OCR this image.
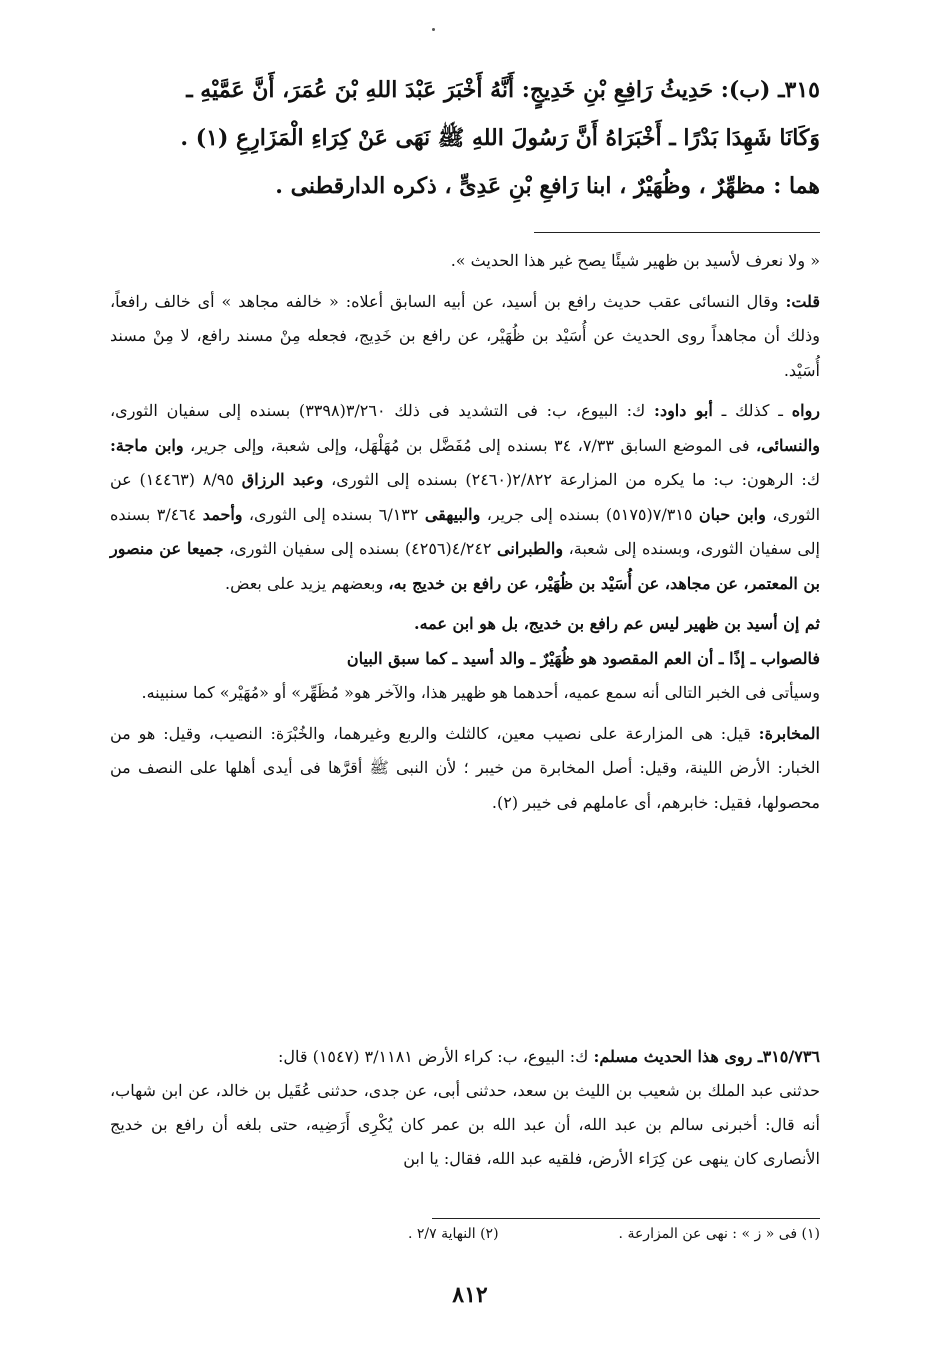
٣١٥ـ (ب): حَدِيثُ رَافِعِ بْنِ خَدِيجٍ: أَنَّهُ أَخْبَرَ عَبْدَ اللهِ بْنَ عُمَرَ، أَنَّ عَمَّيْهِ ـ

وَكَانَا شَهِدَا بَدْرًا ـ أَخْبَرَاهُ أَنَّ رَسُولَ اللهِ ﷺ نَهَى عَنْ كِرَاءِ الْمَزَارِعِ (١) .

هما : مظهِّرٌ ، وظُهَيْرٌ ، ابنا رَافعِ بْنِ عَدِىٍّ ، ذكره الدارقطنى .

« ولا نعرف لأسيد بن ظهير شيئًا يصح غير هذا الحديث ».

قلت: وقال النسائى عقب حديث رافع بن أسيد، عن أبيه السابق أعلاه: « خالفه مجاهد » أى خالف رافعاً، وذلك أن مجاهداً روى الحديث عن أُسَيْد بن ظُهَيْر، عن رافع بن خَدِيج، فجعله مِنْ مسند رافع، لا مِنْ مسند أُسَيْد.

رواه ـ كذلك ـ أبو داود: ك: البيوع، ب: فى التشديد فى ذلك ٣/٢٦٠(٣٣٩٨) بسنده إلى سفيان الثورى، والنسائى، فى الموضع السابق ٧/٣٣، ٣٤ بسنده إلى مُفَضَّل بن مُهَلْهَل، وإلى شعبة، وإلى جرير، وابن ماجة: ك: الرهون: ب: ما يكره من المزارعة ٢/٨٢٢(٢٤٦٠) بسنده إلى الثورى، وعبد الرزاق ٨/٩٥ (١٤٤٦٣) عن الثورى، وابن حبان ٧/٣١٥(٥١٧٥) بسنده إلى جرير، والبيهقى ٦/١٣٢ بسنده إلى الثورى، وأحمد ٣/٤٦٤ بسنده إلى سفيان الثورى، وبسنده إلى شعبة، والطبرانى ٤/٢٤٢(٤٢٥٦) بسنده إلى سفيان الثورى، جميعا عن منصور بن المعتمر، عن مجاهد، عن أُسَيْد بن ظُهَيْر، عن رافع بن خديج به، وبعضهم يزيد على بعض.

ثم إن أسيد بن ظهير ليس عم رافع بن خديج، بل هو ابن عمه.

فالصواب ـ إذًا ـ أن العم المقصود هو ظُهَيْرٌ ـ والد أسيد ـ كما سبق البيان

وسيأتى فى الخبر التالى أنه سمع عميه، أحدهما هو ظهير هذا، والآخر هو« مُظَهِّر» أو «مُهَيْر» كما سنبينه.

المخابرة: قيل: هى المزارعة على نصيب معين، كالثلث والربع وغيرهما، والخُبْرَة: النصيب، وقيل: هو من الخبار: الأرض اللينة، وقيل: أصل المخابرة من خيبر ؛ لأن النبى ﷺ أقرَّها فى أيدى أهلها على النصف من محصولها، فقيل: خابرهم، أى عاملهم فى خيبر (٢).

٣١٥/٧٣٦ـ روى هذا الحديث مسلم: ك: البيوع، ب: كراء الأرض ٣/١١٨١ (١٥٤٧) قال:

حدثنى عبد الملك بن شعيب بن الليث بن سعد، حدثنى أبى، عن جدى، حدثنى عُقَيل بن خالد، عن ابن شهاب، أنه قال: أخبرنى سالم بن عبد الله، أن عبد الله بن عمر كان يُكْرِى أَرَضِيه، حتى بلغه أن رافع بن خديج الأنصارى كان ينهى عن كِرَاء الأرض، فلقيه عبد الله، فقال: يا ابن

(١) فى « ز » : نهى عن المزارعة .
(٢) النهاية ٢/٧ .
٨١٢
